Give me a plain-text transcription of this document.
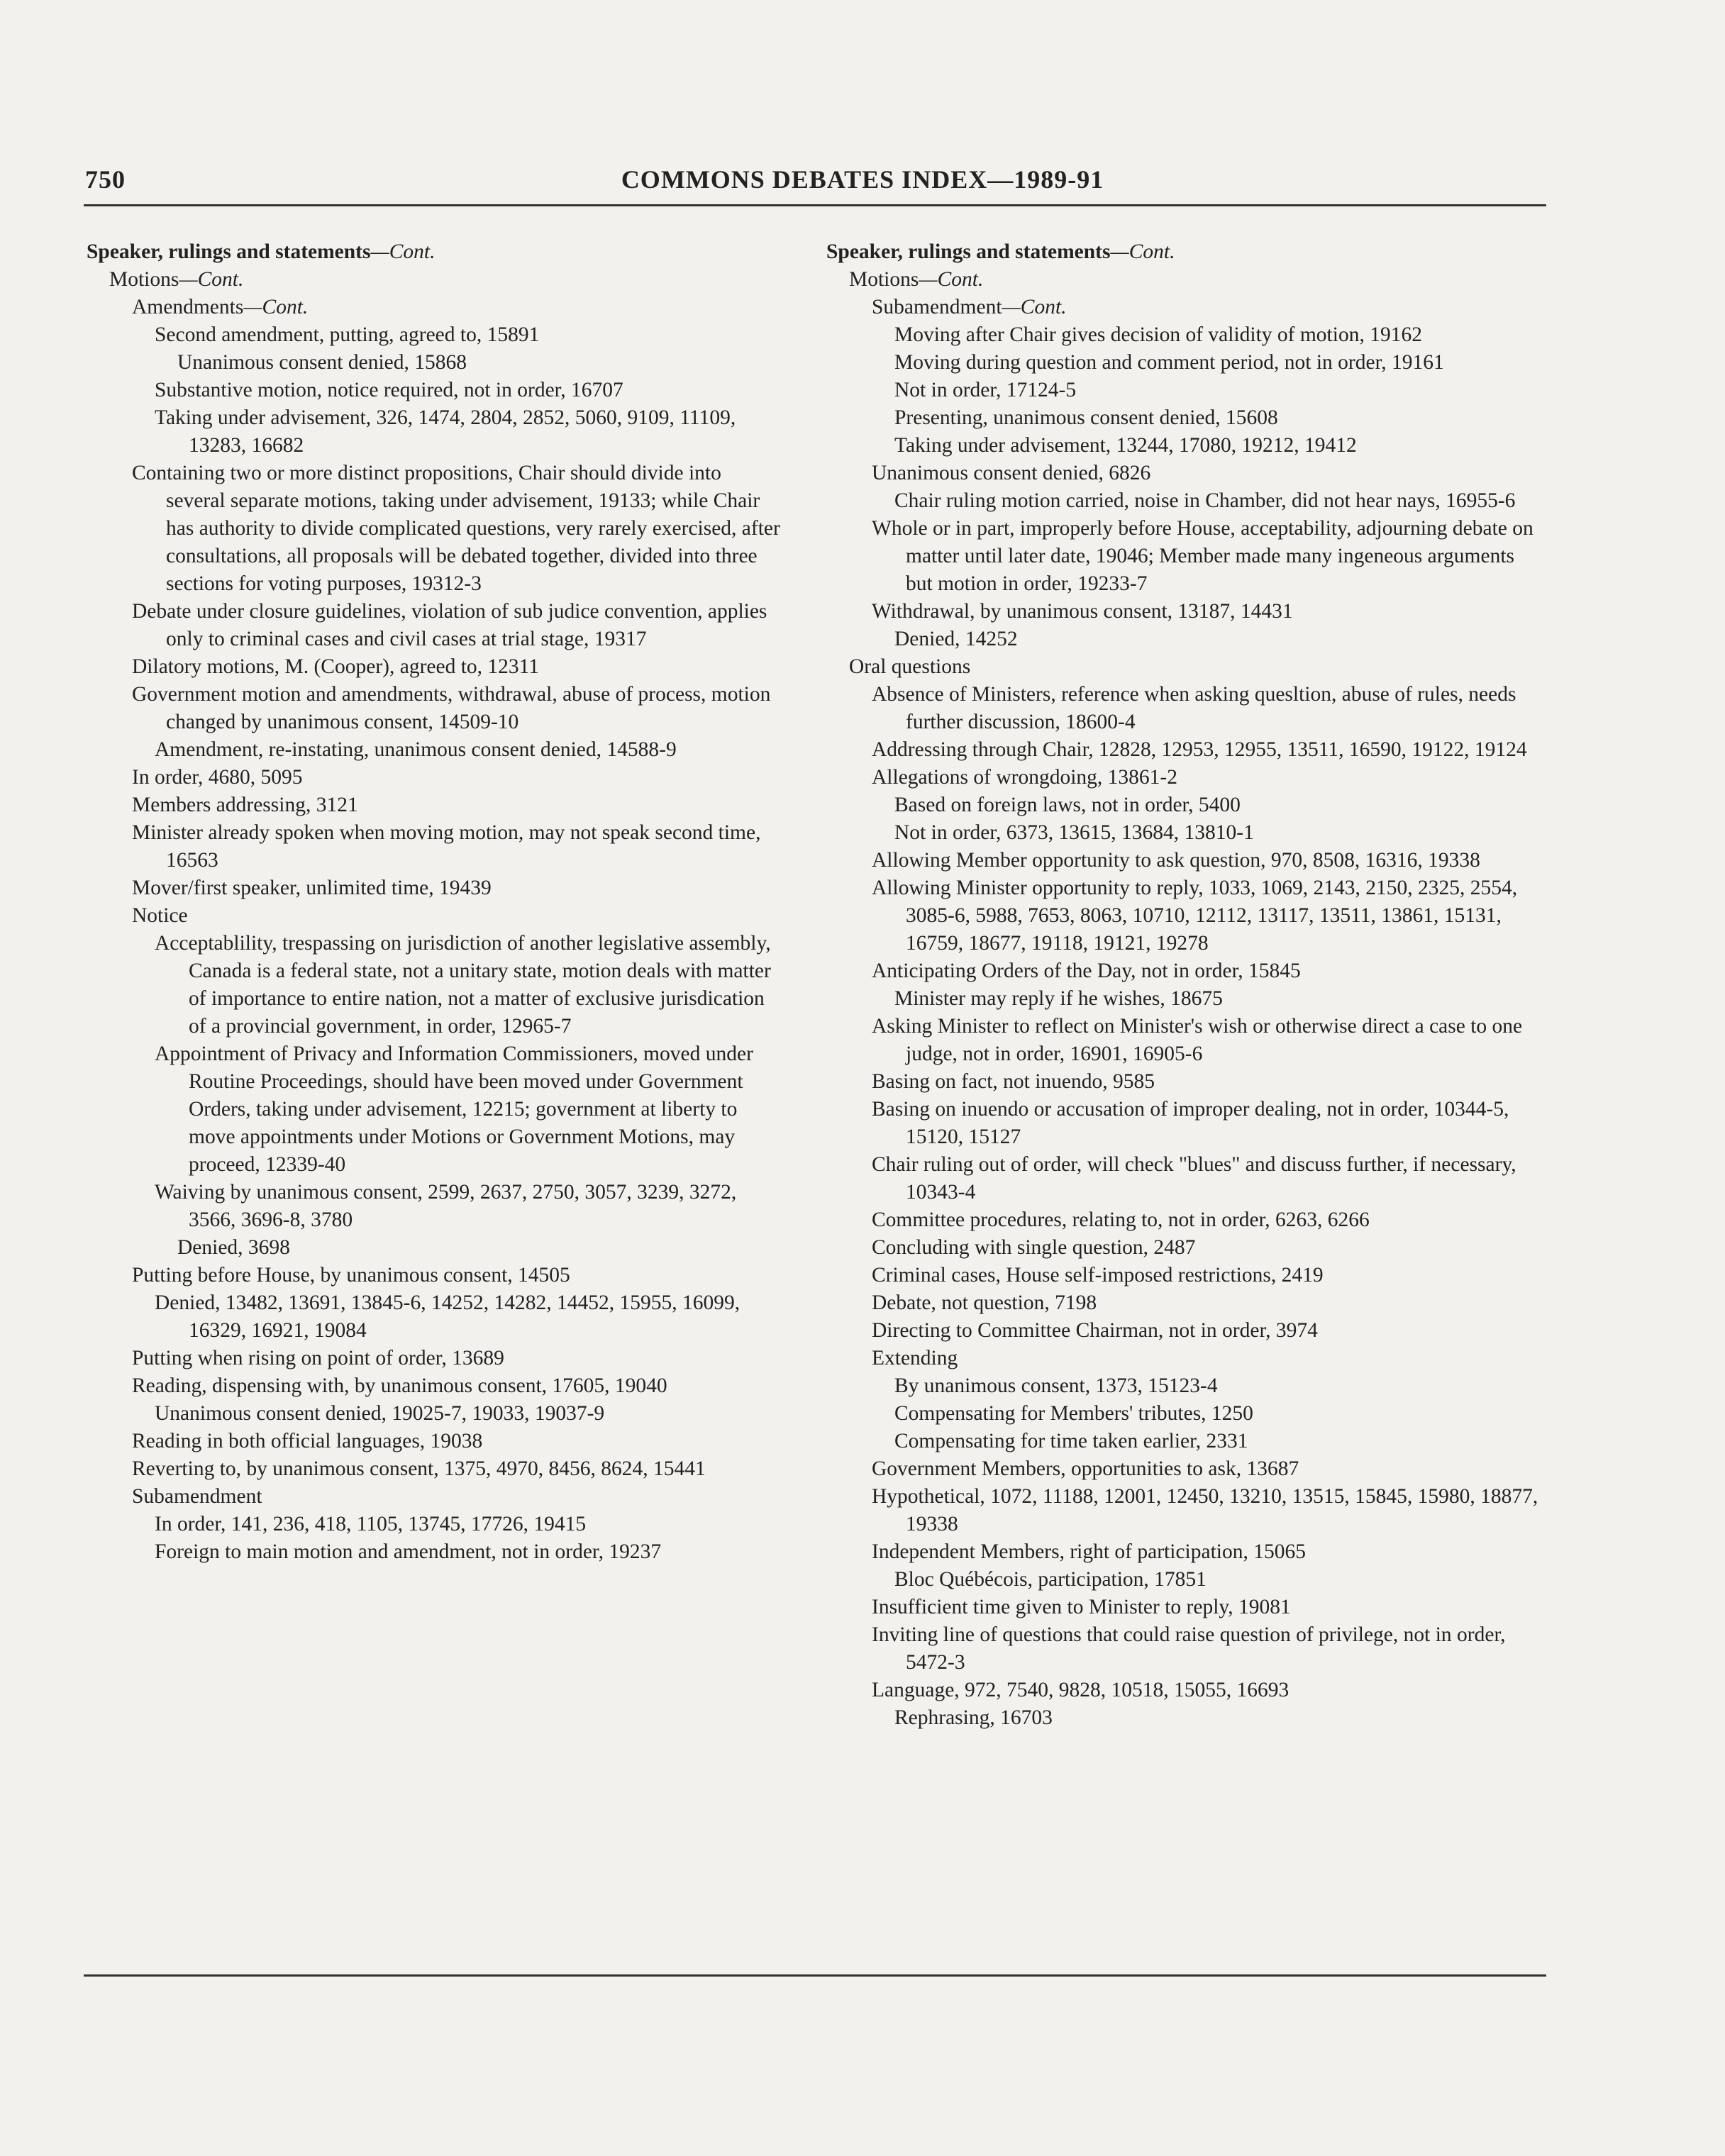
750	COMMONS DEBATES INDEX—1989-91
Speaker, rulings and statements—Cont.
Motions—Cont.
Amendments—Cont.
Second amendment, putting, agreed to, 15891
Unanimous consent denied, 15868
Substantive motion, notice required, not in order, 16707
Taking under advisement, 326, 1474, 2804, 2852, 5060, 9109, 11109, 13283, 16682
Containing two or more distinct propositions, Chair should divide into several separate motions, taking under advisement, 19133; while Chair has authority to divide complicated questions, very rarely exercised, after consultations, all proposals will be debated together, divided into three sections for voting purposes, 19312-3
Debate under closure guidelines, violation of sub judice convention, applies only to criminal cases and civil cases at trial stage, 19317
Dilatory motions, M. (Cooper), agreed to, 12311
Government motion and amendments, withdrawal, abuse of process, motion changed by unanimous consent, 14509-10
Amendment, re-instating, unanimous consent denied, 14588-9
In order, 4680, 5095
Members addressing, 3121
Minister already spoken when moving motion, may not speak second time, 16563
Mover/first speaker, unlimited time, 19439
Notice
Acceptablility, trespassing on jurisdiction of another legislative assembly, Canada is a federal state, not a unitary state, motion deals with matter of importance to entire nation, not a matter of exclusive jurisdication of a provincial government, in order, 12965-7
Appointment of Privacy and Information Commissioners, moved under Routine Proceedings, should have been moved under Government Orders, taking under advisement, 12215; government at liberty to move appointments under Motions or Government Motions, may proceed, 12339-40
Waiving by unanimous consent, 2599, 2637, 2750, 3057, 3239, 3272, 3566, 3696-8, 3780
Denied, 3698
Putting before House, by unanimous consent, 14505
Denied, 13482, 13691, 13845-6, 14252, 14282, 14452, 15955, 16099, 16329, 16921, 19084
Putting when rising on point of order, 13689
Reading, dispensing with, by unanimous consent, 17605, 19040
Unanimous consent denied, 19025-7, 19033, 19037-9
Reading in both official languages, 19038
Reverting to, by unanimous consent, 1375, 4970, 8456, 8624, 15441
Subamendment
In order, 141, 236, 418, 1105, 13745, 17726, 19415
Foreign to main motion and amendment, not in order, 19237
Speaker, rulings and statements—Cont.
Motions—Cont.
Subamendment—Cont.
Moving after Chair gives decision of validity of motion, 19162
Moving during question and comment period, not in order, 19161
Not in order, 17124-5
Presenting, unanimous consent denied, 15608
Taking under advisement, 13244, 17080, 19212, 19412
Unanimous consent denied, 6826
Chair ruling motion carried, noise in Chamber, did not hear nays, 16955-6
Whole or in part, improperly before House, acceptability, adjourning debate on matter until later date, 19046; Member made many ingeneous arguments but motion in order, 19233-7
Withdrawal, by unanimous consent, 13187, 14431
Denied, 14252
Oral questions
Absence of Ministers, reference when asking quesltion, abuse of rules, needs further discussion, 18600-4
Addressing through Chair, 12828, 12953, 12955, 13511, 16590, 19122, 19124
Allegations of wrongdoing, 13861-2
Based on foreign laws, not in order, 5400
Not in order, 6373, 13615, 13684, 13810-1
Allowing Member opportunity to ask question, 970, 8508, 16316, 19338
Allowing Minister opportunity to reply, 1033, 1069, 2143, 2150, 2325, 2554, 3085-6, 5988, 7653, 8063, 10710, 12112, 13117, 13511, 13861, 15131, 16759, 18677, 19118, 19121, 19278
Anticipating Orders of the Day, not in order, 15845
Minister may reply if he wishes, 18675
Asking Minister to reflect on Minister's wish or otherwise direct a case to one judge, not in order, 16901, 16905-6
Basing on fact, not inuendo, 9585
Basing on inuendo or accusation of improper dealing, not in order, 10344-5, 15120, 15127
Chair ruling out of order, will check "blues" and discuss further, if necessary, 10343-4
Committee procedures, relating to, not in order, 6263, 6266
Concluding with single question, 2487
Criminal cases, House self-imposed restrictions, 2419
Debate, not question, 7198
Directing to Committee Chairman, not in order, 3974
Extending
By unanimous consent, 1373, 15123-4
Compensating for Members' tributes, 1250
Compensating for time taken earlier, 2331
Government Members, opportunities to ask, 13687
Hypothetical, 1072, 11188, 12001, 12450, 13210, 13515, 15845, 15980, 18877, 19338
Independent Members, right of participation, 15065
Bloc Québécois, participation, 17851
Insufficient time given to Minister to reply, 19081
Inviting line of questions that could raise question of privilege, not in order, 5472-3
Language, 972, 7540, 9828, 10518, 15055, 16693
Rephrasing, 16703
